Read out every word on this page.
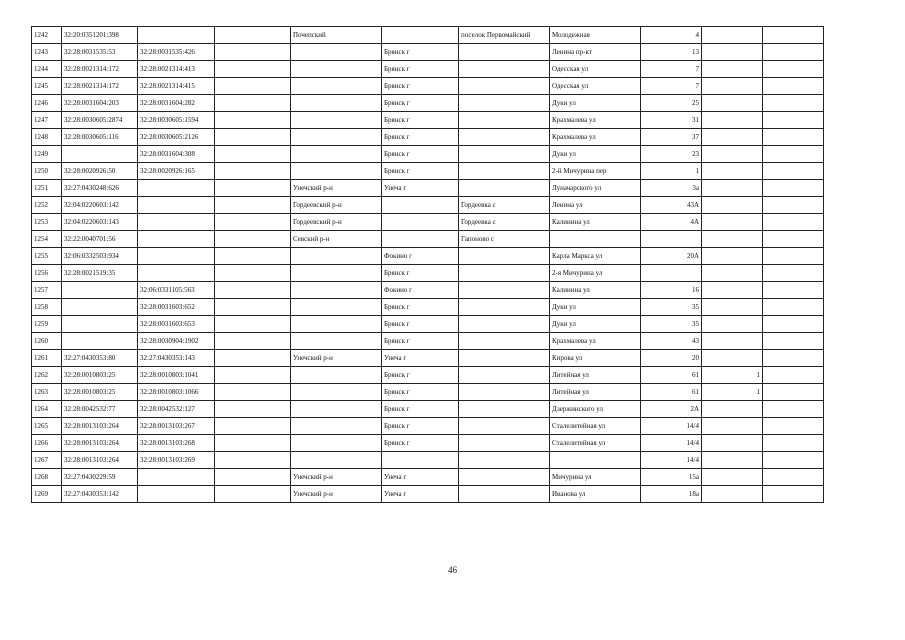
1242	32:20:0351201:398			Почепский		поселок Первомайский	Молодежная	4		
1243	32:28:0031535:53	32:28:0031535:426			Брянск г		Ленина пр-кт	13		
1244	32:28:0021314:172	32:28:0021314:413			Брянск г		Одесская ул	7		
1245	32:28:0021314:172	32:28:0021314:415			Брянск г		Одесская ул	7		
1246	32:28:0031604:203	32:28:0031604:282			Брянск г		Дуки ул	25		
1247	32:28:0030605:2874	32:28:0030605:1594			Брянск г		Крахмалева ул	31		
1248	32:28:0030605:116	32:28:0030605:2126			Брянск г		Крахмалева ул	37		
1249		32:28:0031604:308			Брянск г		Дуки ул	23		
1250	32:28:0020926:50	32:28:0020926:165			Брянск г		2-й Мичурина пер	1		
1251	32:27:0430248:626			Унечский р-н	Унеча г		Луначарского ул	3а		
1252	32:04:0220603:142			Гордеевский р-н		Гордеевка с	Ленина ул	43А		
1253	32:04:0220603:143			Гордеевский р-н		Гордеевка с	Калинина ул	4А		
1254	32:22:0040701:56			Севский р-н		Гапоново с				
1255	32:06:0332503:934				Фокино г		Карла Маркса ул	20А		
1256	32:28:0021519:35				Брянск г		2-я Мичурина ул			
1257		32:06:0331105:563			Фокино г		Калинина ул	16		
1258		32:28:0031603:652			Брянск г		Дуки ул	35		
1259		32:28:0031603:653			Брянск г		Дуки ул	35		
1260		32:28:0030904:1902			Брянск г		Крахмалева ул	43		
1261	32:27:0430353:80	32:27:0430353:143		Унечский р-н	Унеча г		Кирова ул	20		
1262	32:28:0010803:25	32:28:0010803:1041			Брянск г		Литейная ул	61	1	
1263	32:28:0010803:25	32:28:0010803:1066			Брянск г		Литейная ул	61	1	
1264	32:28:0042532:77	32:28:0042532:127			Брянск г		Дзержинского ул	2А		
1265	32:28:0013103:264	32:28:0013103:267			Брянск г		Сталелитейная ул	14/4		
1266	32:28:0013103:264	32:28:0013103:268			Брянск г		Сталелитейная ул	14/4		
1267	32:28:0013103:264	32:28:0013103:269						14/4		
1268	32:27:0430229:59			Унечский р-н	Унеча г		Мичурина ул	15а		
1269	32:27:0430353:142			Унечский р-н	Унеча г		Иванова ул	18а		
46
